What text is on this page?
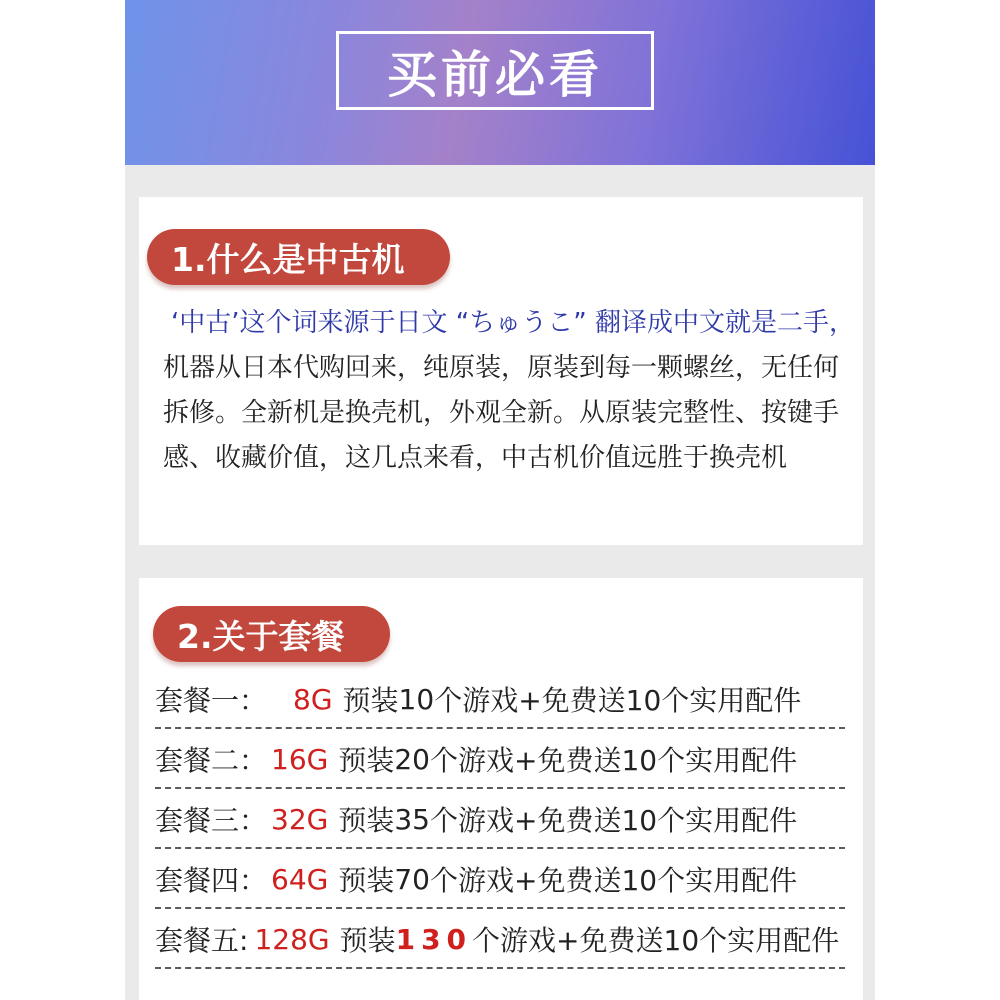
买前必看
1.什么是中古机
‘中古’这个词来源于日文 “ちゅうこ” 翻译成中文就是二手，机器从日本代购回来，纯原装，原装到每一颗螺丝，无任何拆修。全新机是换壳机，外观全新。从原装完整性、按键手感、收藏价值，这几点来看，中古机价值远胜于换壳机
2.关于套餐
套餐一： 8G 预装 10 个游戏+免费送10个实用配件
套餐二： 16G 预装 20 个游戏+免费送10个实用配件
套餐三： 32G 预装 35 个游戏+免费送10个实用配件
套餐四： 64G 预装 70 个游戏+免费送10个实用配件
套餐五: 128G 预装 130 个游戏+免费送10个实用配件
